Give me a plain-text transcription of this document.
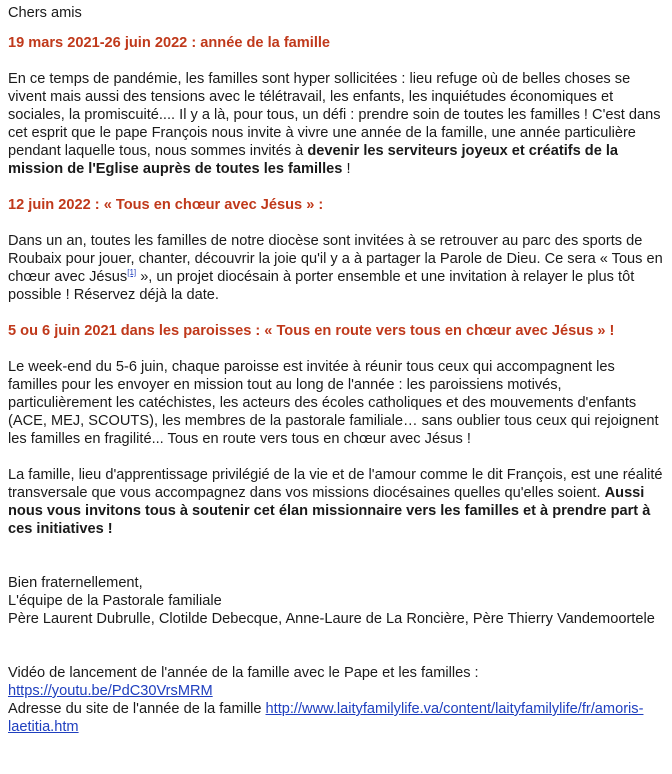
Chers amis

19 mars 2021-26 juin 2022 : année de la famille

En ce temps de pandémie, les familles sont hyper sollicitées : lieu refuge où de belles choses se vivent mais aussi des tensions avec le télétravail, les enfants, les inquiétudes économiques et sociales, la promiscuité.... Il y a là, pour tous, un défi : prendre soin de toutes les familles ! C'est dans cet esprit que le pape François nous invite à vivre une année de la famille, une année particulière pendant laquelle tous, nous sommes invités à devenir les serviteurs joyeux et créatifs de la mission de l'Eglise auprès de toutes les familles !

12 juin 2022 : « Tous en chœur avec Jésus » :

Dans un an, toutes les familles de notre diocèse sont invitées à se retrouver au parc des sports de Roubaix pour jouer, chanter, découvrir la joie qu'il y a à partager la Parole de Dieu. Ce sera « Tous en chœur avec Jésus[1] », un projet diocésain à porter ensemble et une invitation à relayer le plus tôt possible ! Réservez déjà la date.

5 ou 6 juin 2021 dans les paroisses : « Tous en route vers tous en chœur avec Jésus » !

Le week-end du 5-6 juin, chaque paroisse est invitée à réunir tous ceux qui accompagnent les familles pour les envoyer en mission tout au long de l'année : les paroissiens motivés, particulièrement les catéchistes, les acteurs des écoles catholiques et des mouvements d'enfants (ACE, MEJ, SCOUTS), les membres de la pastorale familiale… sans oublier tous ceux qui rejoignent les familles en fragilité... Tous en route vers tous en chœur avec Jésus !

La famille, lieu d'apprentissage privilégié de la vie et de l'amour comme le dit François, est une réalité transversale que vous accompagnez dans vos missions diocésaines quelles qu'elles soient. Aussi nous vous invitons tous à soutenir cet élan missionnaire vers les familles et à prendre part à ces initiatives !

Bien fraternellement,

L'équipe de la Pastorale familiale

Père Laurent Dubrulle, Clotilde Debecque, Anne-Laure de La Roncière, Père Thierry Vandemoortele

Vidéo de lancement de l'année de la famille avec le Pape et les familles : https://youtu.be/PdC30VrsMRM

Adresse du site de l'année de la famille http://www.laityfamilylife.va/content/laityfamilylife/fr/amoris-laetitia.htm
